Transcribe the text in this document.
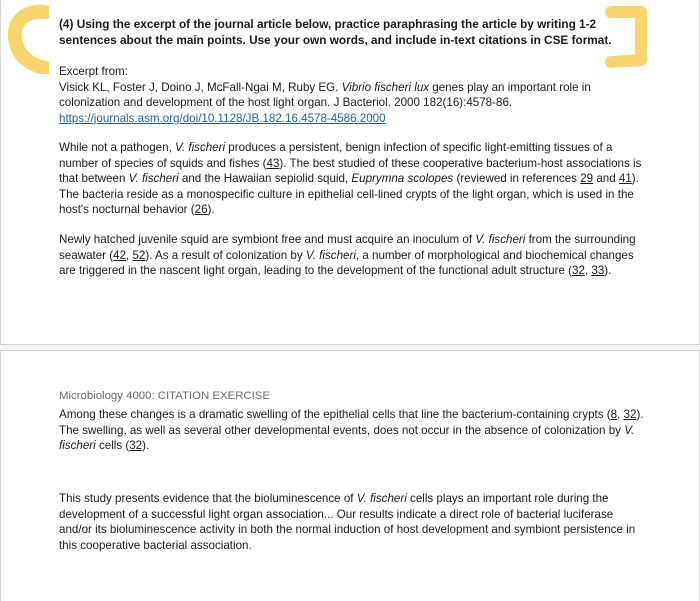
(4) Using the excerpt of the journal article below, practice paraphrasing the article by writing 1-2 sentences about the main points. Use your own words, and include in-text citations in CSE format.

Excerpt from:
Visick KL, Foster J, Doino J, McFall-Ngai M, Ruby EG. Vibrio fischeri lux genes play an important role in colonization and development of the host light organ. J Bacteriol. 2000 182(16):4578-86.
https://journals.asm.org/doi/10.1128/JB.182.16.4578-4586.2000

While not a pathogen, V. fischeri produces a persistent, benign infection of specific light-emitting tissues of a number of species of squids and fishes (43). The best studied of these cooperative bacterium-host associations is that between V. fischeri and the Hawaiian sepiolid squid, Euprymna scolopes (reviewed in references 29 and 41). The bacteria reside as a monospecific culture in epithelial cell-lined crypts of the light organ, which is used in the host's nocturnal behavior (26).

Newly hatched juvenile squid are symbiont free and must acquire an inoculum of V. fischeri from the surrounding seawater (42, 52). As a result of colonization by V. fischeri, a number of morphological and biochemical changes are triggered in the nascent light organ, leading to the development of the functional adult structure (32, 33).

Microbiology 4000: CITATION EXERCISE

Among these changes is a dramatic swelling of the epithelial cells that line the bacterium-containing crypts (8, 32). The swelling, as well as several other developmental events, does not occur in the absence of colonization by V. fischeri cells (32).

This study presents evidence that the bioluminescence of V. fischeri cells plays an important role during the development of a successful light organ association... Our results indicate a direct role of bacterial luciferase and/or its bioluminescence activity in both the normal induction of host development and symbiont persistence in this cooperative bacterial association.
